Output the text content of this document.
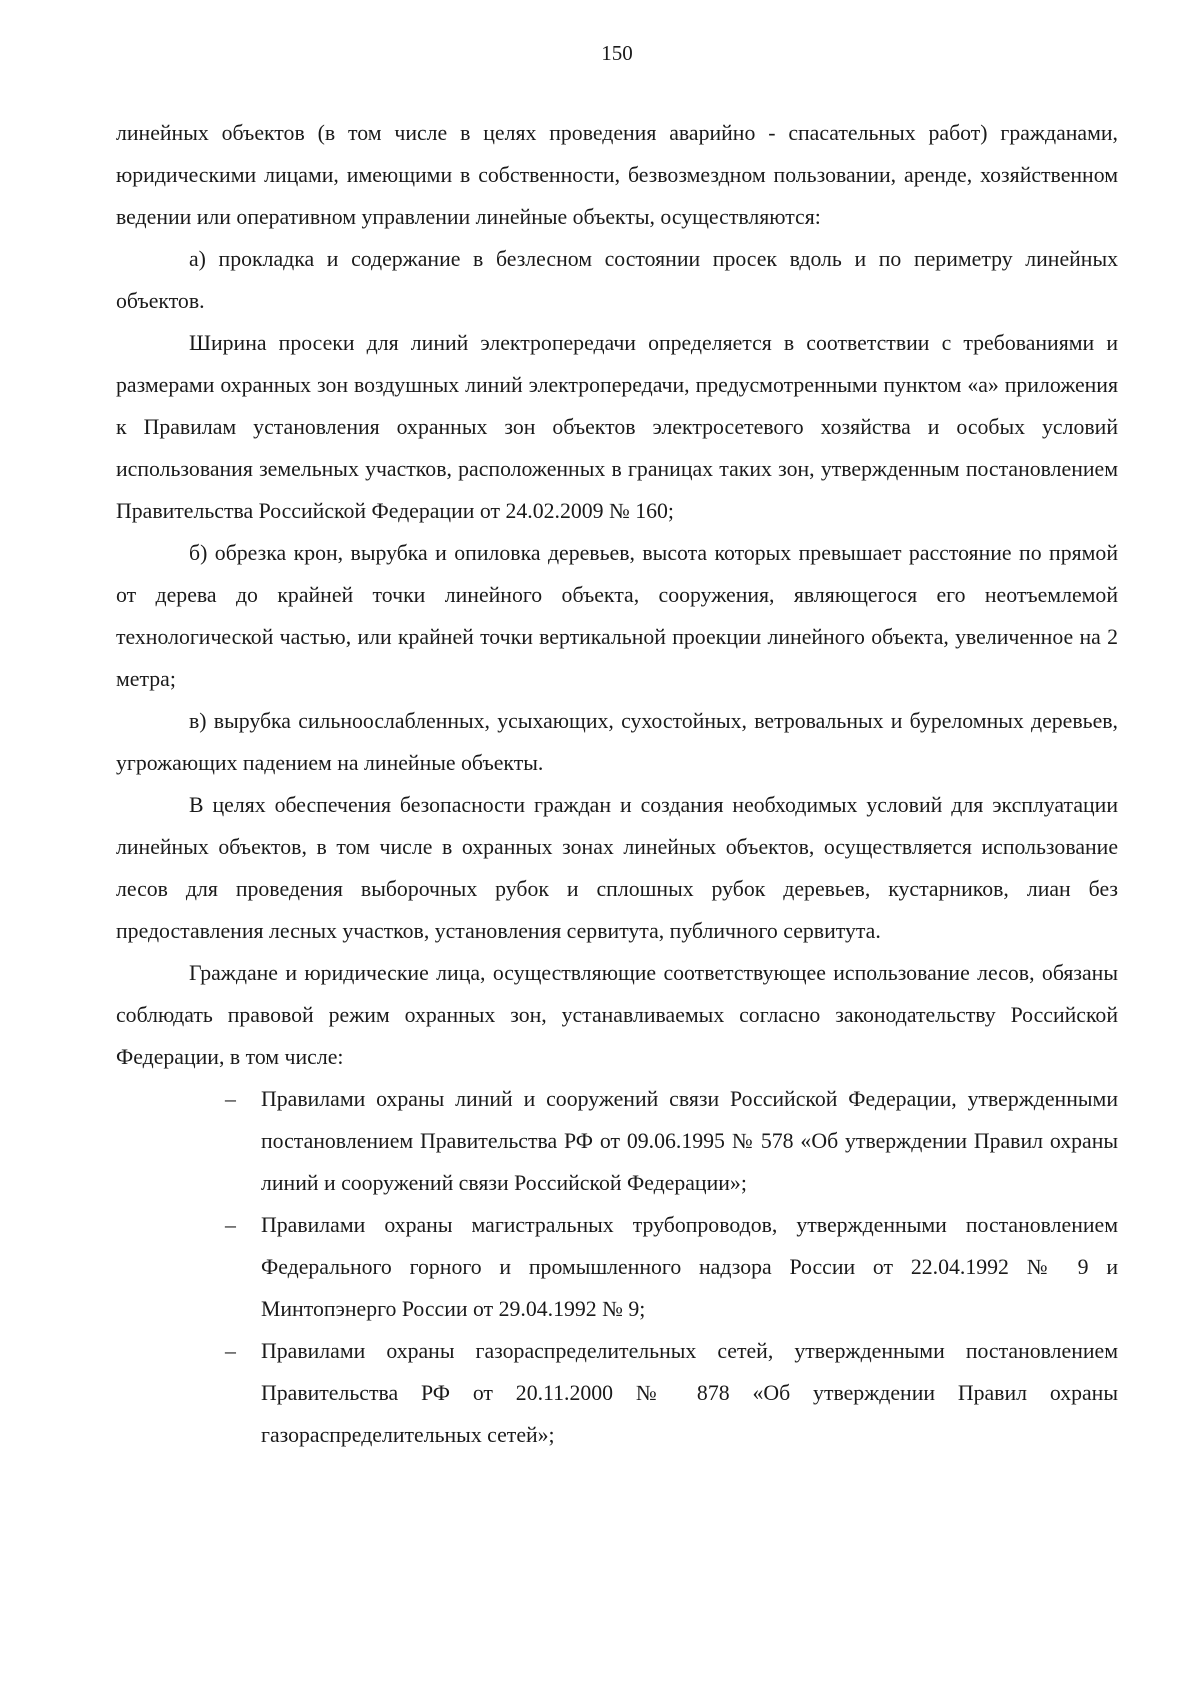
150

линейных объектов (в том числе в целях проведения аварийно - спасательных работ) гражданами, юридическими лицами, имеющими в собственности, безвозмездном пользовании, аренде, хозяйственном ведении или оперативном управлении линейные объекты, осуществляются:

а) прокладка и содержание в безлесном состоянии просек вдоль и по периметру линейных объектов.

Ширина просеки для линий электропередачи определяется в соответствии с требованиями и размерами охранных зон воздушных линий электропередачи, предусмотренными пунктом «а» приложения к Правилам установления охранных зон объектов электросетевого хозяйства и особых условий использования земельных участков, расположенных в границах таких зон, утвержденным постановлением Правительства Российской Федерации от 24.02.2009 № 160;

б) обрезка крон, вырубка и опиловка деревьев, высота которых превышает расстояние по прямой от дерева до крайней точки линейного объекта, сооружения, являющегося его неотъемлемой технологической частью, или крайней точки вертикальной проекции линейного объекта, увеличенное на 2 метра;

в) вырубка сильноослабленных, усыхающих, сухостойных, ветровальных и буреломных деревьев, угрожающих падением на линейные объекты.

В целях обеспечения безопасности граждан и создания необходимых условий для эксплуатации линейных объектов, в том числе в охранных зонах линейных объектов, осуществляется использование лесов для проведения выборочных рубок и сплошных рубок деревьев, кустарников, лиан без предоставления лесных участков, установления сервитута, публичного сервитута.

Граждане и юридические лица, осуществляющие соответствующее использование лесов, обязаны соблюдать правовой режим охранных зон, устанавливаемых согласно законодательству Российской Федерации, в том числе:

– Правилами охраны линий и сооружений связи Российской Федерации, утвержденными постановлением Правительства РФ от 09.06.1995 № 578 «Об утверждении Правил охраны линий и сооружений связи Российской Федерации»;
– Правилами охраны магистральных трубопроводов, утвержденными постановлением Федерального горного и промышленного надзора России от 22.04.1992 № 9 и Минтопэнерго России от 29.04.1992 № 9;
– Правилами охраны газораспределительных сетей, утвержденными постановлением Правительства РФ от 20.11.2000 № 878 «Об утверждении Правил охраны газораспределительных сетей»;
